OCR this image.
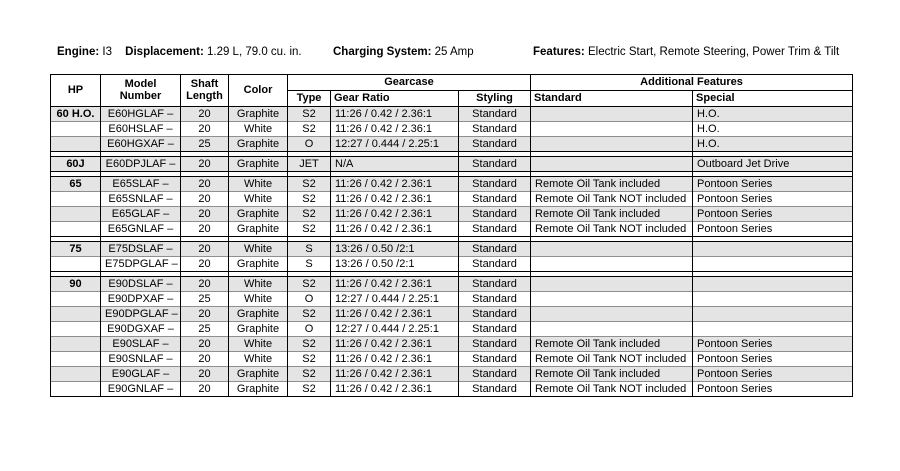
Engine: I3 Displacement: 1.29 L, 79.0 cu. in.	Charging System: 25 Amp	Features: Electric Start, Remote Steering, Power Trim & Tilt
HP	Model Number	Shaft Length	Color	Gearcase			Additional Features	
				Type	Gear Ratio	Styling	Standard	Special
60 H.O.	E60HGLAF –	20	Graphite	S2	11:26 / 0.42 / 2.36:1	Standard		H.O.
	E60HSLAF –	20	White	S2	11:26 / 0.42 / 2.36:1	Standard		H.O.
	E60HGXAF –	25	Graphite	O	12:27 / 0.444 / 2.25:1	Standard		H.O.

60J	E60DPJLAF –	20	Graphite	JET	N/A	Standard		Outboard Jet Drive

65	E65SLAF –	20	White	S2	11:26 / 0.42 / 2.36:1	Standard	Remote Oil Tank included	Pontoon Series
	E65SNLAF –	20	White	S2	11:26 / 0.42 / 2.36:1	Standard	Remote Oil Tank NOT included	Pontoon Series
	E65GLAF –	20	Graphite	S2	11:26 / 0.42 / 2.36:1	Standard	Remote Oil Tank included	Pontoon Series
	E65GNLAF –	20	Graphite	S2	11:26 / 0.42 / 2.36:1	Standard	Remote Oil Tank NOT included	Pontoon Series

75	E75DSLAF –	20	White	S	13:26 / 0.50 /2:1	Standard		
	E75DPGLAF –	20	Graphite	S	13:26 / 0.50 /2:1	Standard		

90	E90DSLAF –	20	White	S2	11:26 / 0.42 / 2.36:1	Standard		
	E90DPXAF –	25	White	O	12:27 / 0.444 / 2.25:1	Standard		
	E90DPGLAF –	20	Graphite	S2	11:26 / 0.42 / 2.36:1	Standard		
	E90DGXAF –	25	Graphite	O	12:27 / 0.444 / 2.25:1	Standard		
	E90SLAF –	20	White	S2	11:26 / 0.42 / 2.36:1	Standard	Remote Oil Tank included	Pontoon Series
	E90SNLAF –	20	White	S2	11:26 / 0.42 / 2.36:1	Standard	Remote Oil Tank NOT included	Pontoon Series
	E90GLAF –	20	Graphite	S2	11:26 / 0.42 / 2.36:1	Standard	Remote Oil Tank included	Pontoon Series
	E90GNLAF –	20	Graphite	S2	11:26 / 0.42 / 2.36:1	Standard	Remote Oil Tank NOT included	Pontoon Series
